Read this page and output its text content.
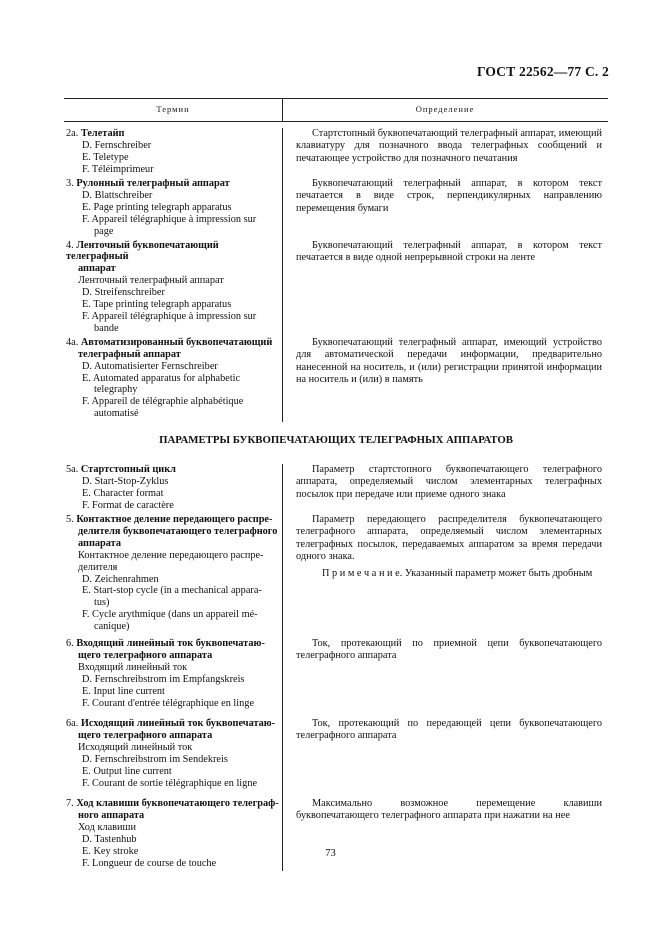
ГОСТ 22562—77 С. 2
Термин	Определение
2а. Телетайп
D. Fernschreiber
E. Teletype
F. Téléimprimeur
Стартстопный буквопечатающий телеграфный аппарат, имеющий клавиатуру для позначного ввода телеграфных сообщений и печатающее устройство для позначного печатания
3. Рулонный телеграфный аппарат
D. Blattschreiber
E. Page printing telegraph apparatus
F. Appareil télégraphique à impression sur
page
Буквопечатающий телеграфный аппарат, в котором текст печатается в виде строк, перпендикулярных направлению перемещения бумаги
4. Ленточный буквопечатающий телеграфный
аппарат
Ленточный телеграфный аппарат
D. Streifenschreiber
E. Tape printing telegraph apparatus
F. Appareil télégraphique à impression sur
bande
Буквопечатающий телеграфный аппарат, в котором текст печатается в виде одной непрерывной строки на ленте
4а. Автоматизированный буквопечатающий
телеграфный аппарат
D. Automatisierter Fernschreiber
E. Automated apparatus for alphabetic
telegraphy
F. Appareil de télégraphie alphabétique
automatisé
Буквопечатающий телеграфный аппарат, имеющий устройство для автоматической передачи информации, предварительно нанесенной на носитель, и (или) регистрации принятой информации на носитель и (или) в память
ПАРАМЕТРЫ БУКВОПЕЧАТАЮЩИХ ТЕЛЕГРАФНЫХ АППАРАТОВ
5а. Стартстопный цикл
D. Start-Stop-Zyklus
E. Character format
F. Format de caractère
Параметр стартстопного буквопечатающего телеграфного аппарата, определяемый числом элементарных телеграфных посылок при передаче или приеме одного знака
5. Контактное деление передающего распре-
делителя буквопечатающего телеграфного аппарата
Контактное деление передающего распре-
делителя
D. Zeichenrahmen
E. Start-stop cycle (in a mechanical appara-
tus)
F. Cycle arythmique (dans un appareil mé-
canique)
Параметр передающего распределителя буквопечатающего телеграфного аппарата, определяемый числом элементарных телеграфных посылок, передаваемых аппаратом за время передачи одного знака.
П р и м е ч а н и е. Указанный параметр может быть дробным
6. Входящий линейный ток буквопечатаю-
щего телеграфного аппарата
Входящий линейный ток
D. Fernschreibstrom im Empfangskreis
E. Input line current
F. Courant d'entrée télégraphique en linge
Ток, протекающий по приемной цепи буквопечатающего телеграфного аппарата
6а. Исходящий линейный ток буквопечатаю-
щего телеграфного аппарата
Исходящий линейный ток
D. Fernschreibstrom im Sendekreis
E. Output line current
F. Courant de sortie télégraphique en ligne
Ток, протекающий по передающей цепи буквопечатающего телеграфного аппарата
7. Ход клавиши буквопечатающего телеграф-
ного аппарата
Ход клавиши
D. Tastenhub
E. Key stroke
F. Longueur de course de touche
Максимально возможное перемещение клавиши буквопечатающего телеграфного аппарата при нажатии на нее
73
